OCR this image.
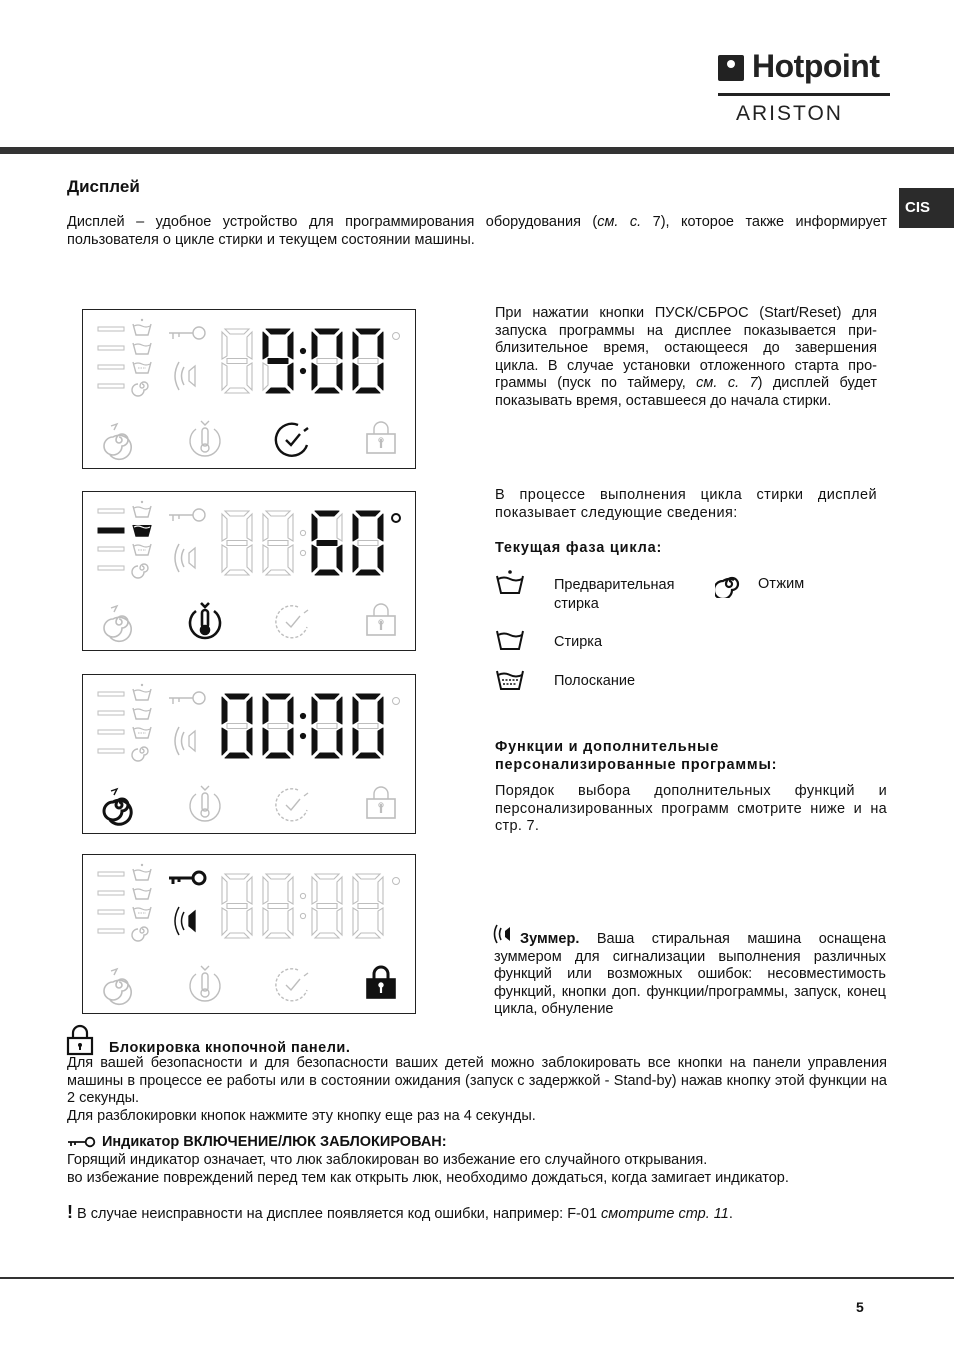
Hotpoint
ARISTON
CIS
Дисплей
Дисплей – удобное устройство для программирования оборудования (см. с. 7), которое также информирует пользователя о цикле стирки и текущем состоянии машины.
При нажатии кнопки ПУСК/СБРОС (Start/Reset) для запуска программы на дисплее показывается при-близительное время, остающееся до завершения цикла. В случае установки отложенного старта про-граммы (пуск по таймеру, см. с. 7) дисплей будет показывать время, оставшееся до начала стирки.
В процессе выполнения цикла стирки дисплей показывает следующие сведения:
Текущая фаза цикла:
Предварительная стирка
Отжим
Стирка
Полоскание
Функции и дополнительные персонализированные программы:
Порядок выбора дополнительных функций и персонализированных программ смотрите ниже и на стр. 7.
Зуммер. Ваша стиральная машина оснащена зуммером для сигнализации выполнения различных функций или возможных ошибок: несовместимость функций, кнопки доп. функции/программы, запуск, конец цикла, обнуление
Блокировка кнопочной панели.
Для вашей безопасности и для безопасности ваших детей можно заблокировать все кнопки на панели управления машины в процессе ее работы или в состоянии ожидания (запуск с задержкой - Stand-by) нажав кнопку этой функции на 2 секунды.
Для разблокировки кнопок нажмите эту кнопку еще раз на 4 секунды.
Индикатор ВКЛЮЧЕНИЕ/ЛЮК ЗАБЛОКИРОВАН:
Горящий индикатор означает, что люк заблокирован во избежание его случайного открывания.
во избежание повреждений перед тем как открыть люк, необходимо дождаться, когда замигает индикатор.
! В случае неисправности на дисплее появляется код ошибки, например: F-01 смотрите стр. 11.
5
